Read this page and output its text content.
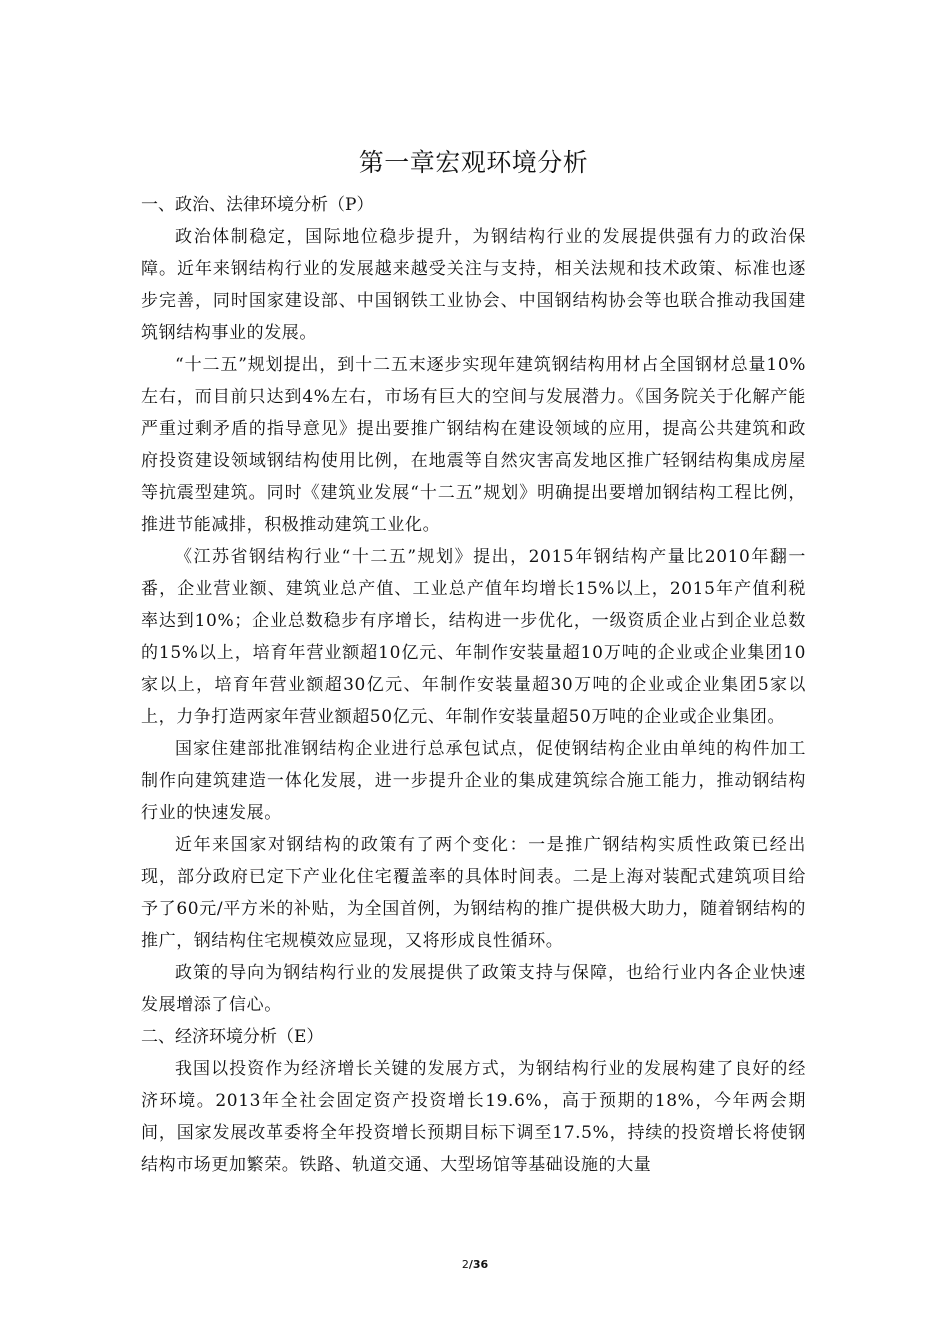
第一章宏观环境分析
一、政治、法律环境分析（P）

政治体制稳定，国际地位稳步提升，为钢结构行业的发展提供强有力的政治保障。近年来钢结构行业的发展越来越受关注与支持，相关法规和技术政策、标准也逐步完善，同时国家建设部、中国钢铁工业协会、中国钢结构协会等也联合推动我国建筑钢结构事业的发展。

“十二五”规划提出，到十二五末逐步实现年建筑钢结构用材占全国钢材总量10%左右，而目前只达到4%左右，市场有巨大的空间与发展潜力。《国务院关于化解产能严重过剩矛盾的指导意见》提出要推广钢结构在建设领域的应用，提高公共建筑和政府投资建设领域钢结构使用比例，在地震等自然灾害高发地区推广轻钢结构集成房屋等抗震型建筑。同时《建筑业发展“十二五”规划》明确提出要增加钢结构工程比例，推进节能减排，积极推动建筑工业化。

《江苏省钢结构行业“十二五”规划》提出，2015年钢结构产量比2010年翻一番，企业营业额、建筑业总产值、工业总产值年均增长15%以上，2015年产值利税率达到10%；企业总数稳步有序增长，结构进一步优化，一级资质企业占到企业总数的15%以上，培育年营业额超10亿元、年制作安装量超10万吨的企业或企业集团10家以上，培育年营业额超30亿元、年制作安装量超30万吨的企业或企业集团5家以上，力争打造两家年营业额超50亿元、年制作安装量超50万吨的企业或企业集团。

国家住建部批准钢结构企业进行总承包试点，促使钢结构企业由单纯的构件加工制作向建筑建造一体化发展，进一步提升企业的集成建筑综合施工能力，推动钢结构行业的快速发展。

近年来国家对钢结构的政策有了两个变化：一是推广钢结构实质性政策已经出现，部分政府已定下产业化住宅覆盖率的具体时间表。二是上海对装配式建筑项目给予了60元/平方米的补贴，为全国首例，为钢结构的推广提供极大助力，随着钢结构的推广，钢结构住宅规模效应显现，又将形成良性循环。

政策的导向为钢结构行业的发展提供了政策支持与保障，也给行业内各企业快速发展增添了信心。

二、经济环境分析（E）

我国以投资作为经济增长关键的发展方式，为钢结构行业的发展构建了良好的经济环境。2013年全社会固定资产投资增长19.6%，高于预期的18%，今年两会期间，国家发展改革委将全年投资增长预期目标下调至17.5%，持续的投资增长将使钢结构市场更加繁荣。铁路、轨道交通、大型场馆等基础设施的大量

2/36
